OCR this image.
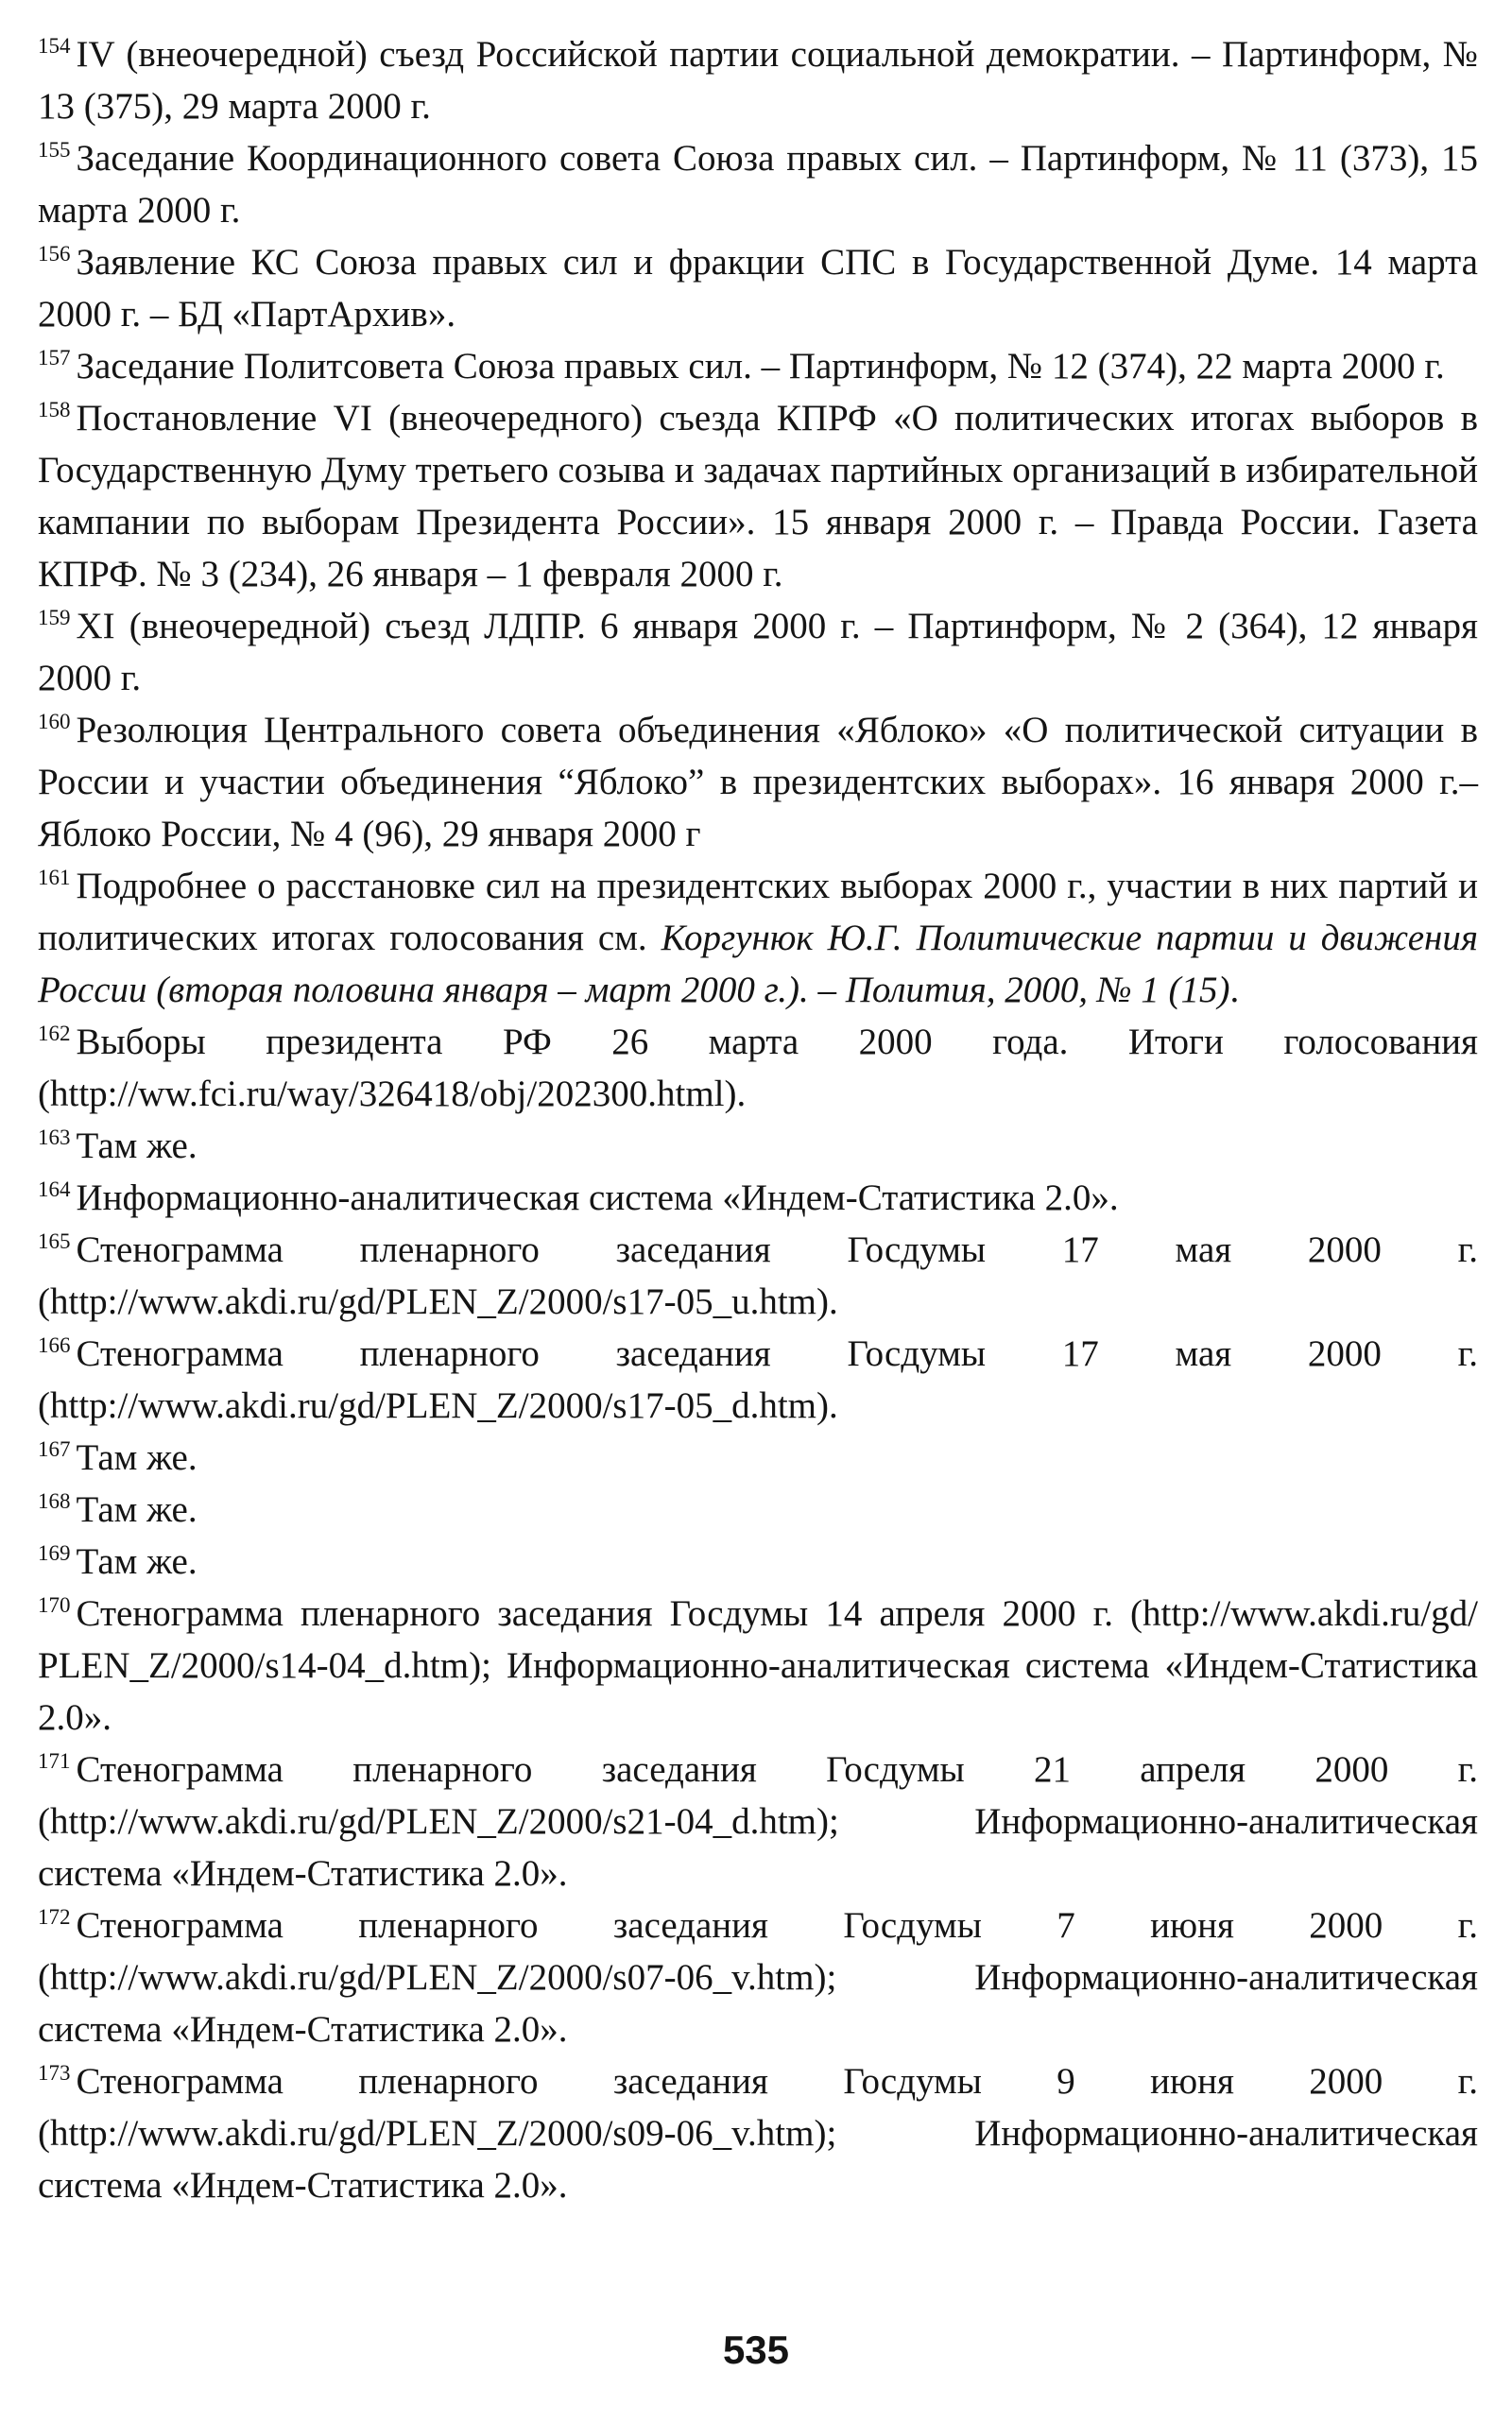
$^{154}$ IV (внеочередной) съезд Российской партии социальной демократии. – Партинформ, № 13 (375), 29 марта 2000 г.

$^{155}$ Заседание Координационного совета Союза правых сил. – Партинформ, № 11 (373), 15 марта 2000 г.

$^{156}$ Заявление КС Союза правых сил и фракции СПС в Государственной Думе. 14 марта 2000 г. – БД «ПартАрхив».

$^{157}$ Заседание Политсовета Союза правых сил. – Партинформ, № 12 (374), 22 марта 2000 г.

$^{158}$ Постановление VI (внеочередного) съезда КПРФ «О политических итогах выборов в Государственную Думу третьего созыва и задачах партийных организаций в избирательной кампании по выборам Президента России». 15 января 2000 г. – Правда России. Газета КПРФ. № 3 (234), 26 января – 1 февраля 2000 г.

$^{159}$ XI (внеочередной) съезд ЛДПР. 6 января 2000 г. – Партинформ, № 2 (364), 12 января 2000 г.

$^{160}$ Резолюция Центрального совета объединения «Яблоко» «О политической ситуации в России и участии объединения “Яблоко” в президентских выборах». 16 января 2000 г.– Яблоко России, № 4 (96), 29 января 2000 г

$^{161}$ Подробнее о расстановке сил на президентских выборах 2000 г., участии в них партий и политических итогах голосования см. Коргунюк Ю.Г. Политические партии и движения России (вторая половина января – март 2000 г.). – Полития, 2000, № 1 (15).

$^{162}$ Выборы президента РФ 26 марта 2000 года. Итоги голосования (http://ww.fci.ru/way/326418/obj/202300.html).

$^{163}$ Там же.

$^{164}$ Информационно-аналитическая система «Индем-Статистика 2.0».

$^{165}$ Стенограмма пленарного заседания Госдумы 17 мая 2000 г. (http://www.akdi.ru/gd/PLEN_Z/2000/s17-05_u.htm).

$^{166}$ Стенограмма пленарного заседания Госдумы 17 мая 2000 г. (http://www.akdi.ru/gd/PLEN_Z/2000/s17-05_d.htm).

$^{167}$ Там же.

$^{168}$ Там же.

$^{169}$ Там же.

$^{170}$ Стенограмма пленарного заседания Госдумы 14 апреля 2000 г. (http://www.akdi.ru/gd/ PLEN_Z/2000/s14-04_d.htm); Информационно-аналитическая система «Индем-Статистика 2.0».

$^{171}$ Стенограмма пленарного заседания Госдумы 21 апреля 2000 г. (http://www.akdi.ru/gd/PLEN_Z/2000/s21-04_d.htm); Информационно-аналитическая система «Индем-Статистика 2.0».

$^{172}$ Стенограмма пленарного заседания Госдумы 7 июня 2000 г. (http://www.akdi.ru/gd/PLEN_Z/2000/s07-06_v.htm); Информационно-аналитическая система «Индем-Статистика 2.0».

$^{173}$ Стенограмма пленарного заседания Госдумы 9 июня 2000 г. (http://www.akdi.ru/gd/PLEN_Z/2000/s09-06_v.htm); Информационно-аналитическая система «Индем-Статистика 2.0».

535
